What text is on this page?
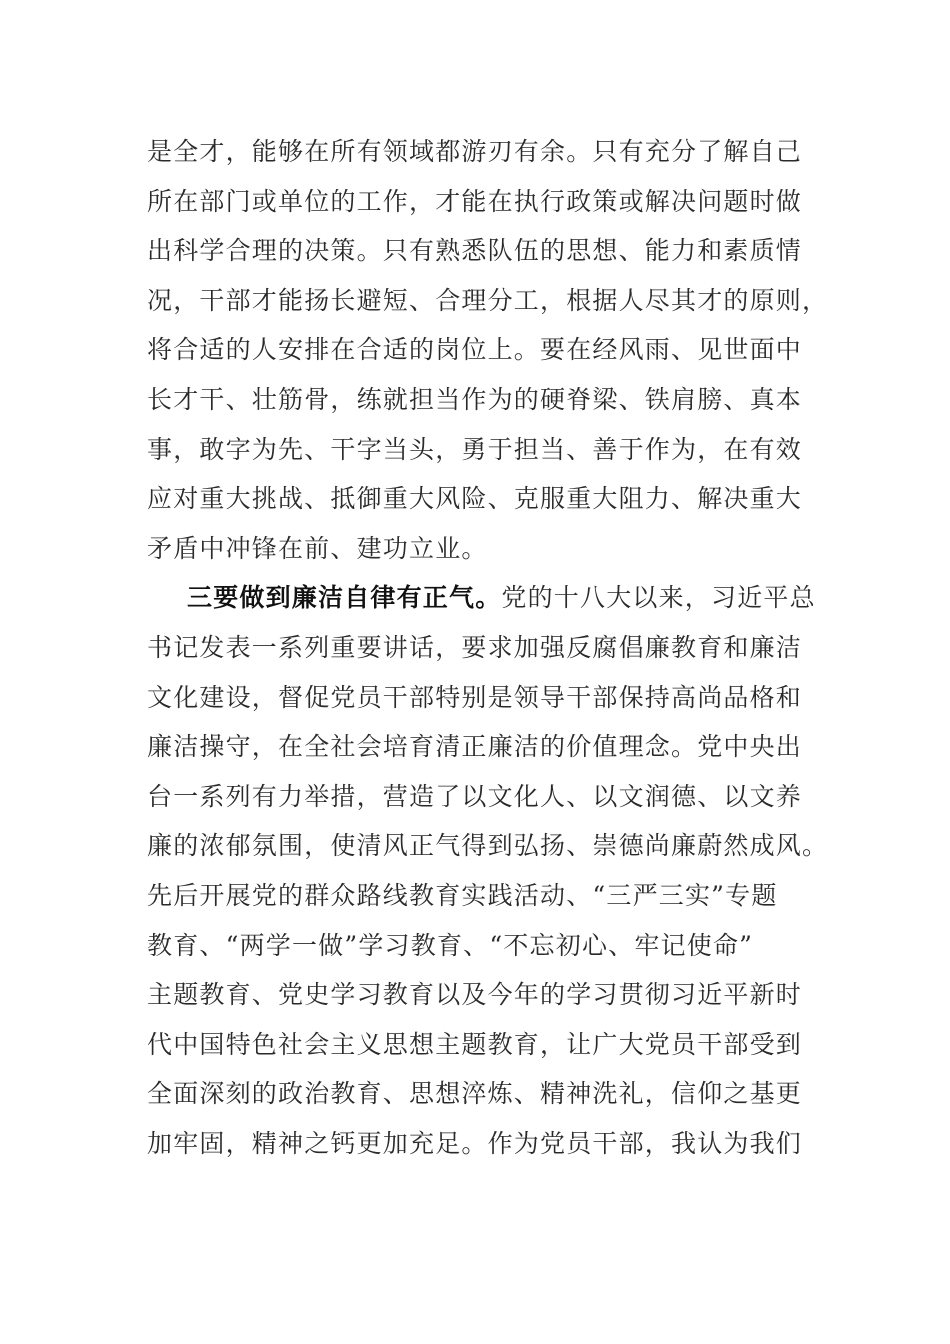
是全才，能够在所有领域都游刃有余。只有充分了解自己
所在部门或单位的工作，才能在执行政策或解决问题时做
出科学合理的决策。只有熟悉队伍的思想、能力和素质情
况，干部才能扬长避短、合理分工，根据人尽其才的原则，
将合适的人安排在合适的岗位上。要在经风雨、见世面中
长才干、壮筋骨，练就担当作为的硬脊梁、铁肩膀、真本
事，敢字为先、干字当头，勇于担当、善于作为，在有效
应对重大挑战、抵御重大风险、克服重大阻力、解决重大
矛盾中冲锋在前、建功立业。
三要做到廉洁自律有正气。党的十八大以来，习近平总
书记发表一系列重要讲话，要求加强反腐倡廉教育和廉洁
文化建设，督促党员干部特别是领导干部保持高尚品格和
廉洁操守，在全社会培育清正廉洁的价值理念。党中央出
台一系列有力举措，营造了以文化人、以文润德、以文养
廉的浓郁氛围，使清风正气得到弘扬、崇德尚廉蔚然成风。
先后开展党的群众路线教育实践活动、“三严三实”专题
教育、“两学一做”学习教育、“不忘初心、牢记使命”
主题教育、党史学习教育以及今年的学习贯彻习近平新时
代中国特色社会主义思想主题教育，让广大党员干部受到
全面深刻的政治教育、思想淬炼、精神洗礼，信仰之基更
加牢固，精神之钙更加充足。作为党员干部，我认为我们
